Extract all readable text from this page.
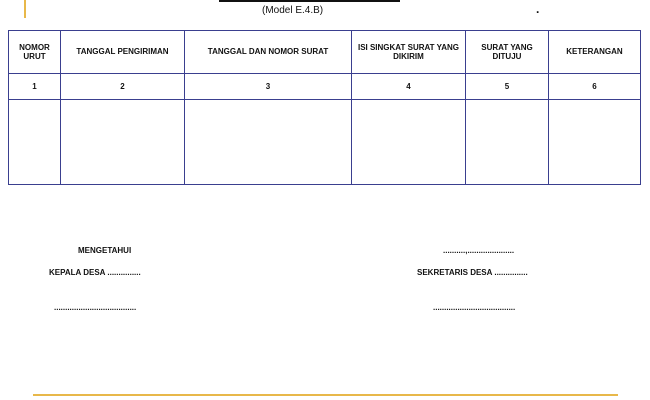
(Model E.4.B)	.
NOMOR URUT	TANGGAL PENGIRIMAN	TANGGAL DAN NOMOR SURAT	ISI SINGKAT SURAT YANG DIKIRIM	SURAT YANG DITUJU	KETERANGAN
1	2	3	4	5	6

MENGETAHUI
KEPALA DESA ...............
.....................................
..........,.....................
SEKRETARIS DESA ...............
.....................................
